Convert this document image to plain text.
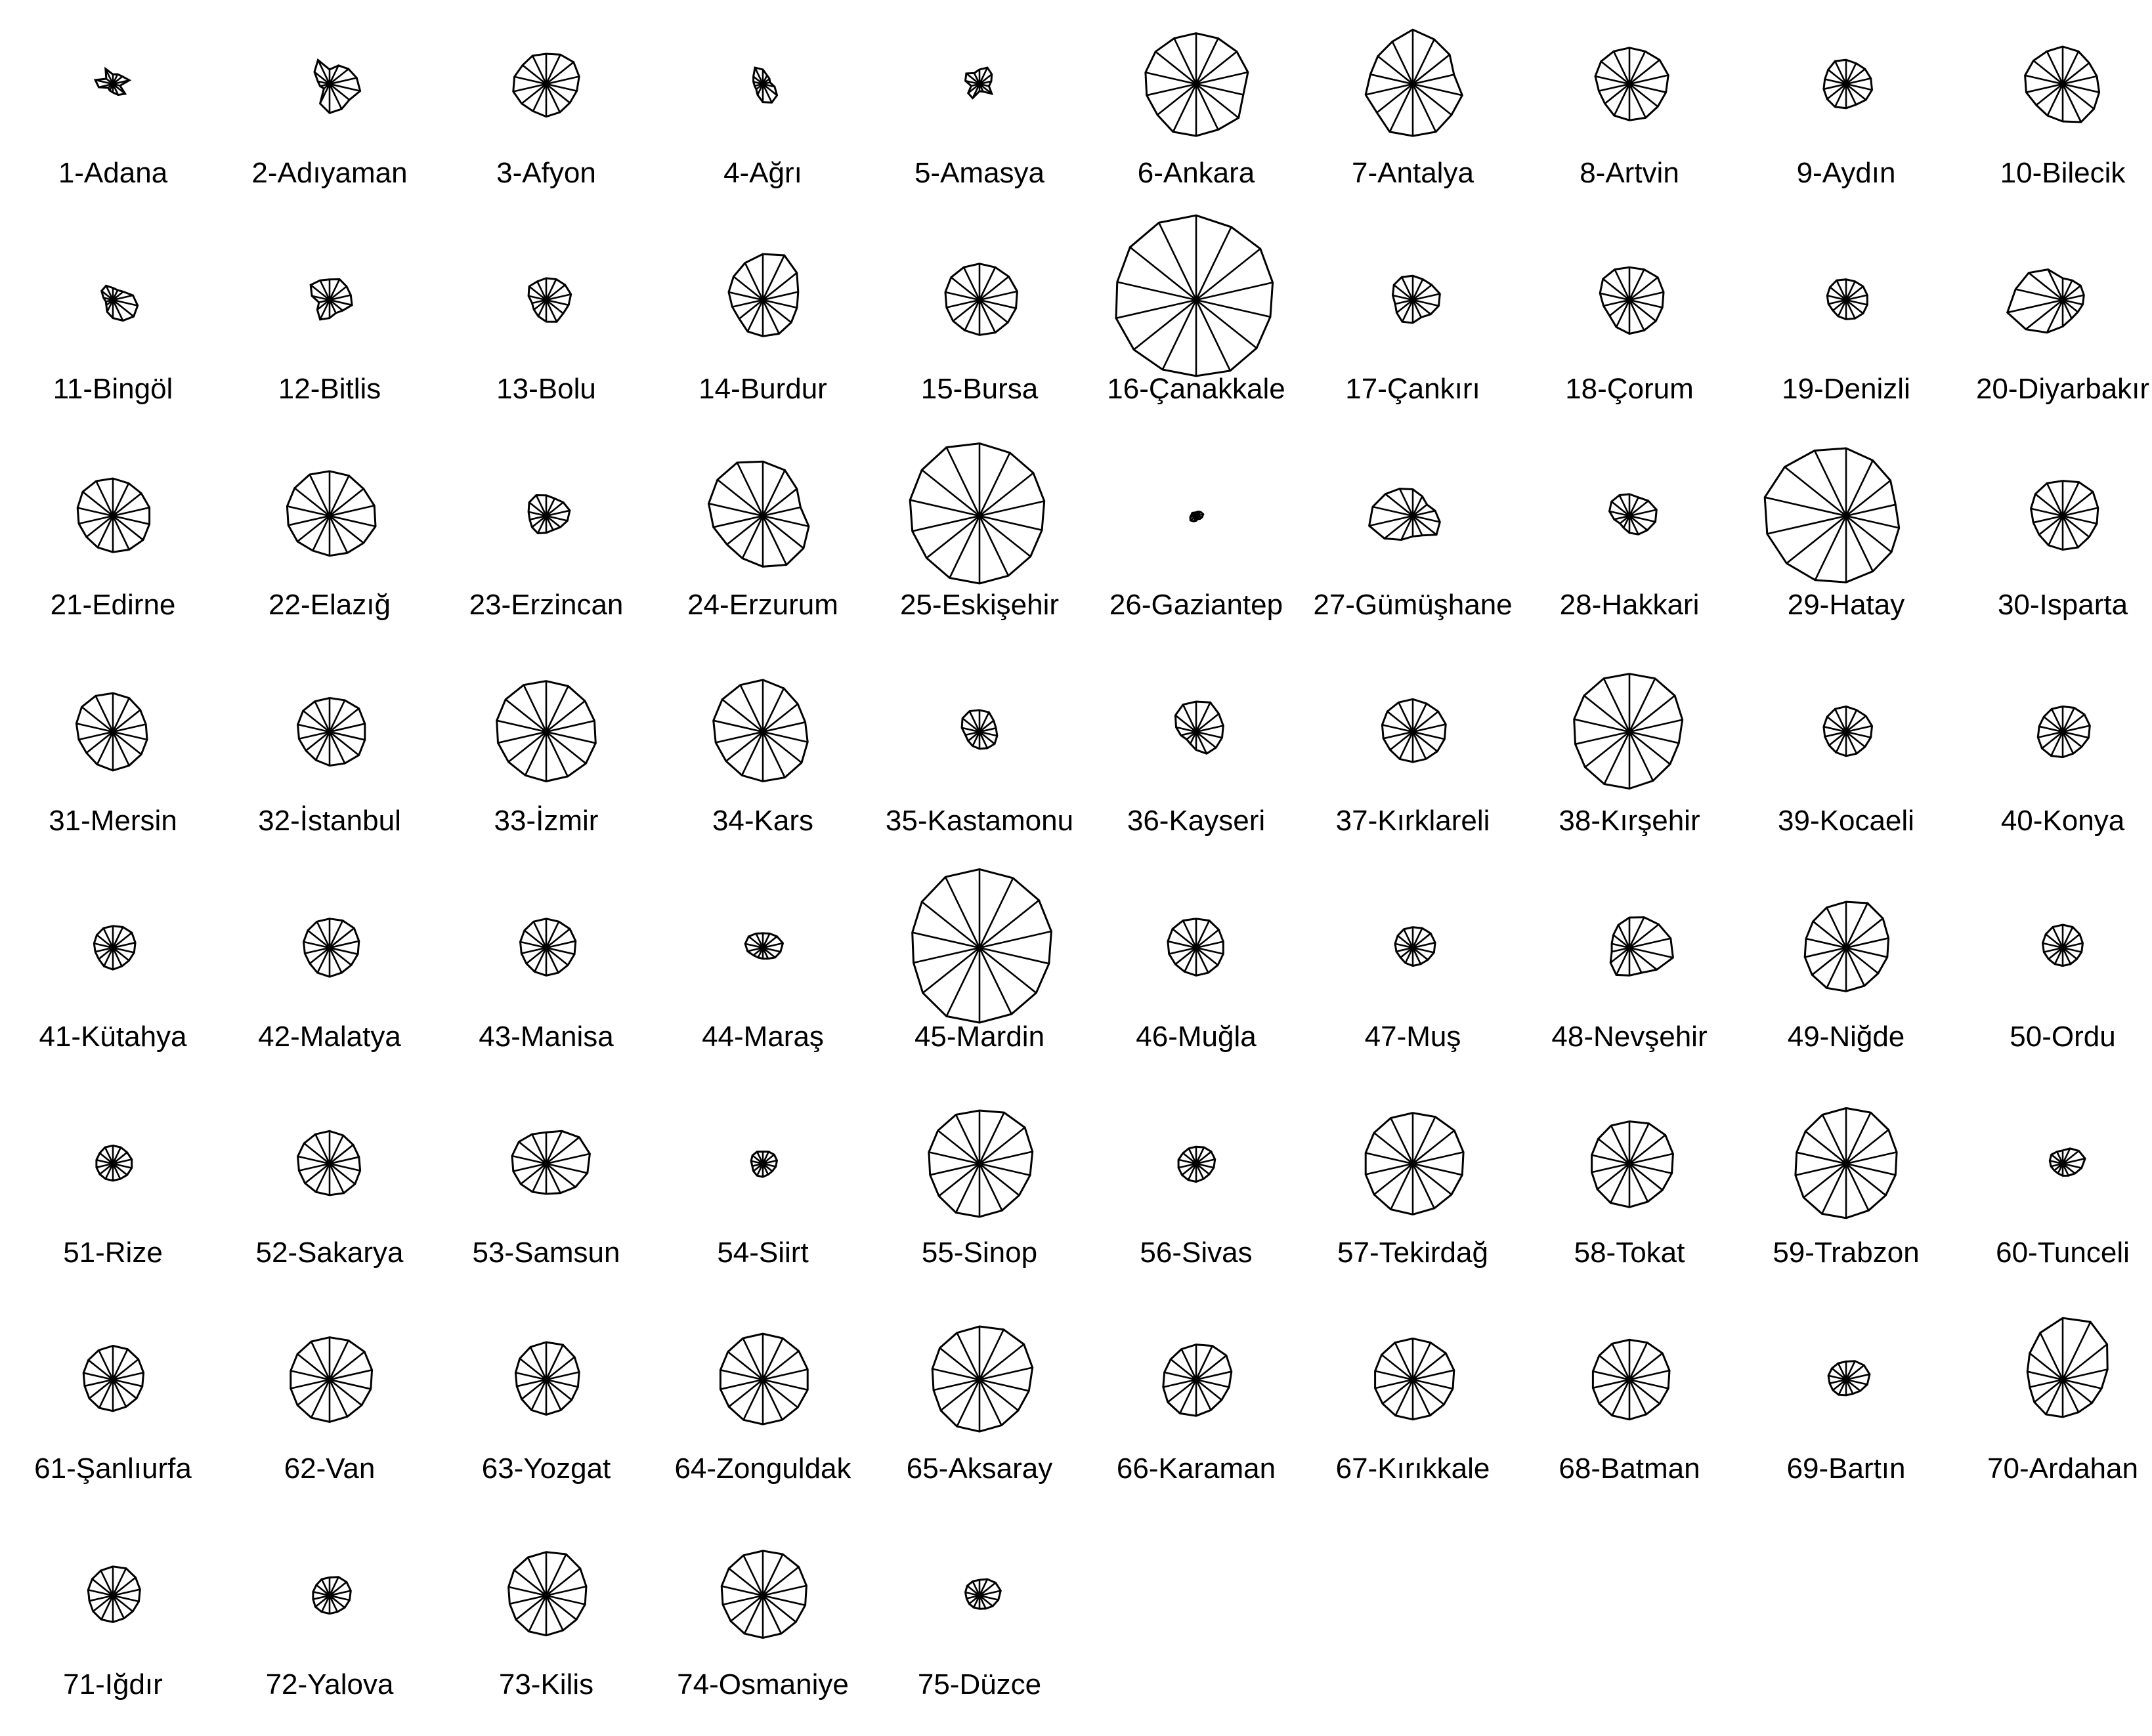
1-Adana	2-Adıyaman	3-Afyon	4-Ağrı	5-Amasya	6-Ankara	7-Antalya	8-Artvin	9-Aydın	10-Bilecik
11-Bingöl	12-Bitlis	13-Bolu	14-Burdur	15-Bursa 16-Çanakkale 17-Çankırı	18-Çorum	19-Denizli 20-Diyarbakır
21-Edirne	22-Elazığ	23-Erzincan 24-Erzurum 25-Eskişehir 26-Gaziantep 27-Gümüşhane 28-Hakkari	29-Hatay	30-Isparta
31-Mersin	32-İstanbul	33-İzmir	34-Kars 35-Kastamonu 36-Kayseri 37-Kırklareli 38-Kırşehir	39-Kocaeli	40-Konya
41-Kütahya 42-Malatya	43-Manisa	44-Maraş	45-Mardin	46-Muğla	47-Muş	48-Nevşehir	49-Niğde	50-Ordu
51-Rize	52-Sakarya 53-Samsun	54-Siirt	55-Sinop	56-Sivas	57-Tekirdağ	58-Tokat	59-Trabzon	60-Tunceli
61-Şanlıurfa	62-Van	63-Yozgat 64-Zonguldak 65-Aksaray 66-Karaman 67-Kırıkkale 68-Batman	69-Bartın	70-Ardahan
71-Iğdır	72-Yalova	73-Kilis	74-Osmaniye 75-Düzce
